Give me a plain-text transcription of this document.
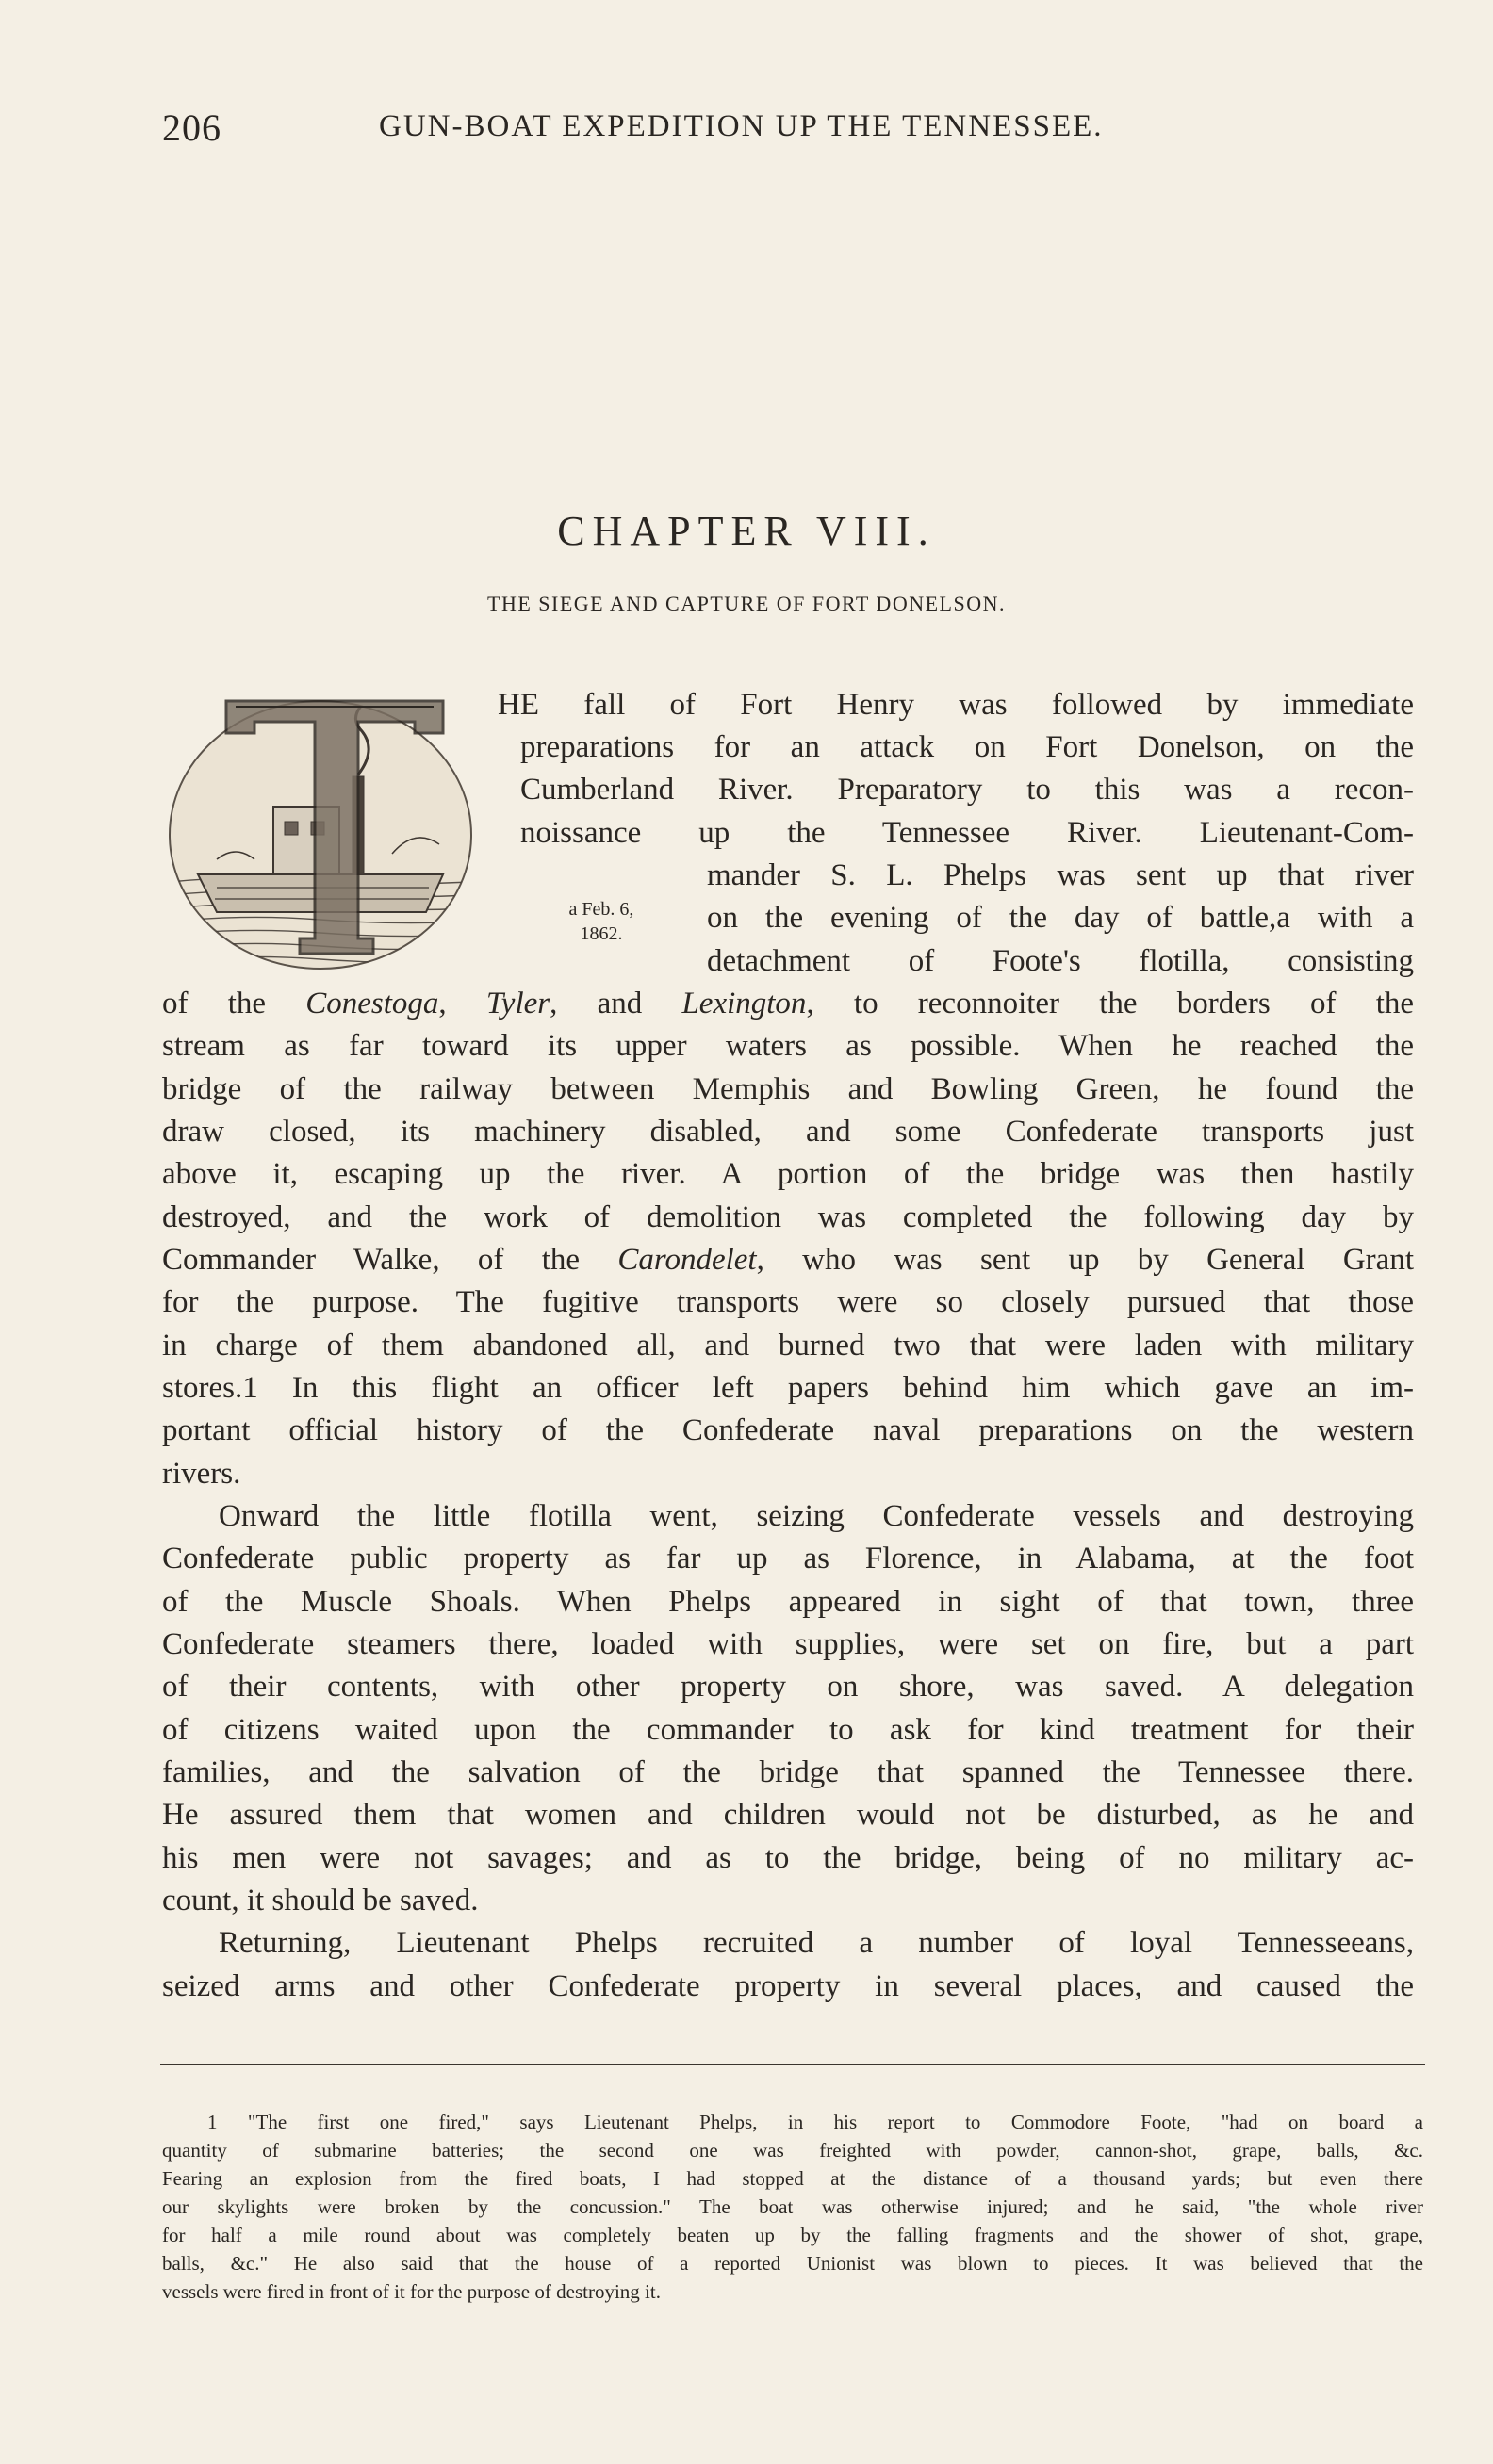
206	GUN-BOAT EXPEDITION UP THE TENNESSEE.
CHAPTER VIII.
THE SIEGE AND CAPTURE OF FORT DONELSON.
a Feb. 6,
1862.
HE fall of Fort Henry was followed by immediate
preparations for an attack on Fort Donelson, on the
Cumberland River. Preparatory to this was a recon-
noissance up the Tennessee River. Lieutenant-Com-
mander S. L. Phelps was sent up that river
on the evening of the day of battle,a with a
detachment of Foote's flotilla, consisting
of the Conestoga, Tyler, and Lexington, to reconnoiter the borders of the
stream as far toward its upper waters as possible. When he reached the
bridge of the railway between Memphis and Bowling Green, he found the
draw closed, its machinery disabled, and some Confederate transports just
above it, escaping up the river. A portion of the bridge was then hastily
destroyed, and the work of demolition was completed the following day by
Commander Walke, of the Carondelet, who was sent up by General Grant
for the purpose. The fugitive transports were so closely pursued that those
in charge of them abandoned all, and burned two that were laden with military
stores.1 In this flight an officer left papers behind him which gave an im-
portant official history of the Confederate naval preparations on the western
rivers.
Onward the little flotilla went, seizing Confederate vessels and destroying
Confederate public property as far up as Florence, in Alabama, at the foot
of the Muscle Shoals. When Phelps appeared in sight of that town, three
Confederate steamers there, loaded with supplies, were set on fire, but a part
of their contents, with other property on shore, was saved. A delegation
of citizens waited upon the commander to ask for kind treatment for their
families, and the salvation of the bridge that spanned the Tennessee there.
He assured them that women and children would not be disturbed, as he and
his men were not savages; and as to the bridge, being of no military ac-
count, it should be saved.
Returning, Lieutenant Phelps recruited a number of loyal Tennesseeans,
seized arms and other Confederate property in several places, and caused the
1 "The first one fired," says Lieutenant Phelps, in his report to Commodore Foote, "had on board a
quantity of submarine batteries; the second one was freighted with powder, cannon-shot, grape, balls, &c.
Fearing an explosion from the fired boats, I had stopped at the distance of a thousand yards; but even there
our skylights were broken by the concussion." The boat was otherwise injured; and he said, "the whole river
for half a mile round about was completely beaten up by the falling fragments and the shower of shot, grape,
balls, &c." He also said that the house of a reported Unionist was blown to pieces. It was believed that the
vessels were fired in front of it for the purpose of destroying it.
